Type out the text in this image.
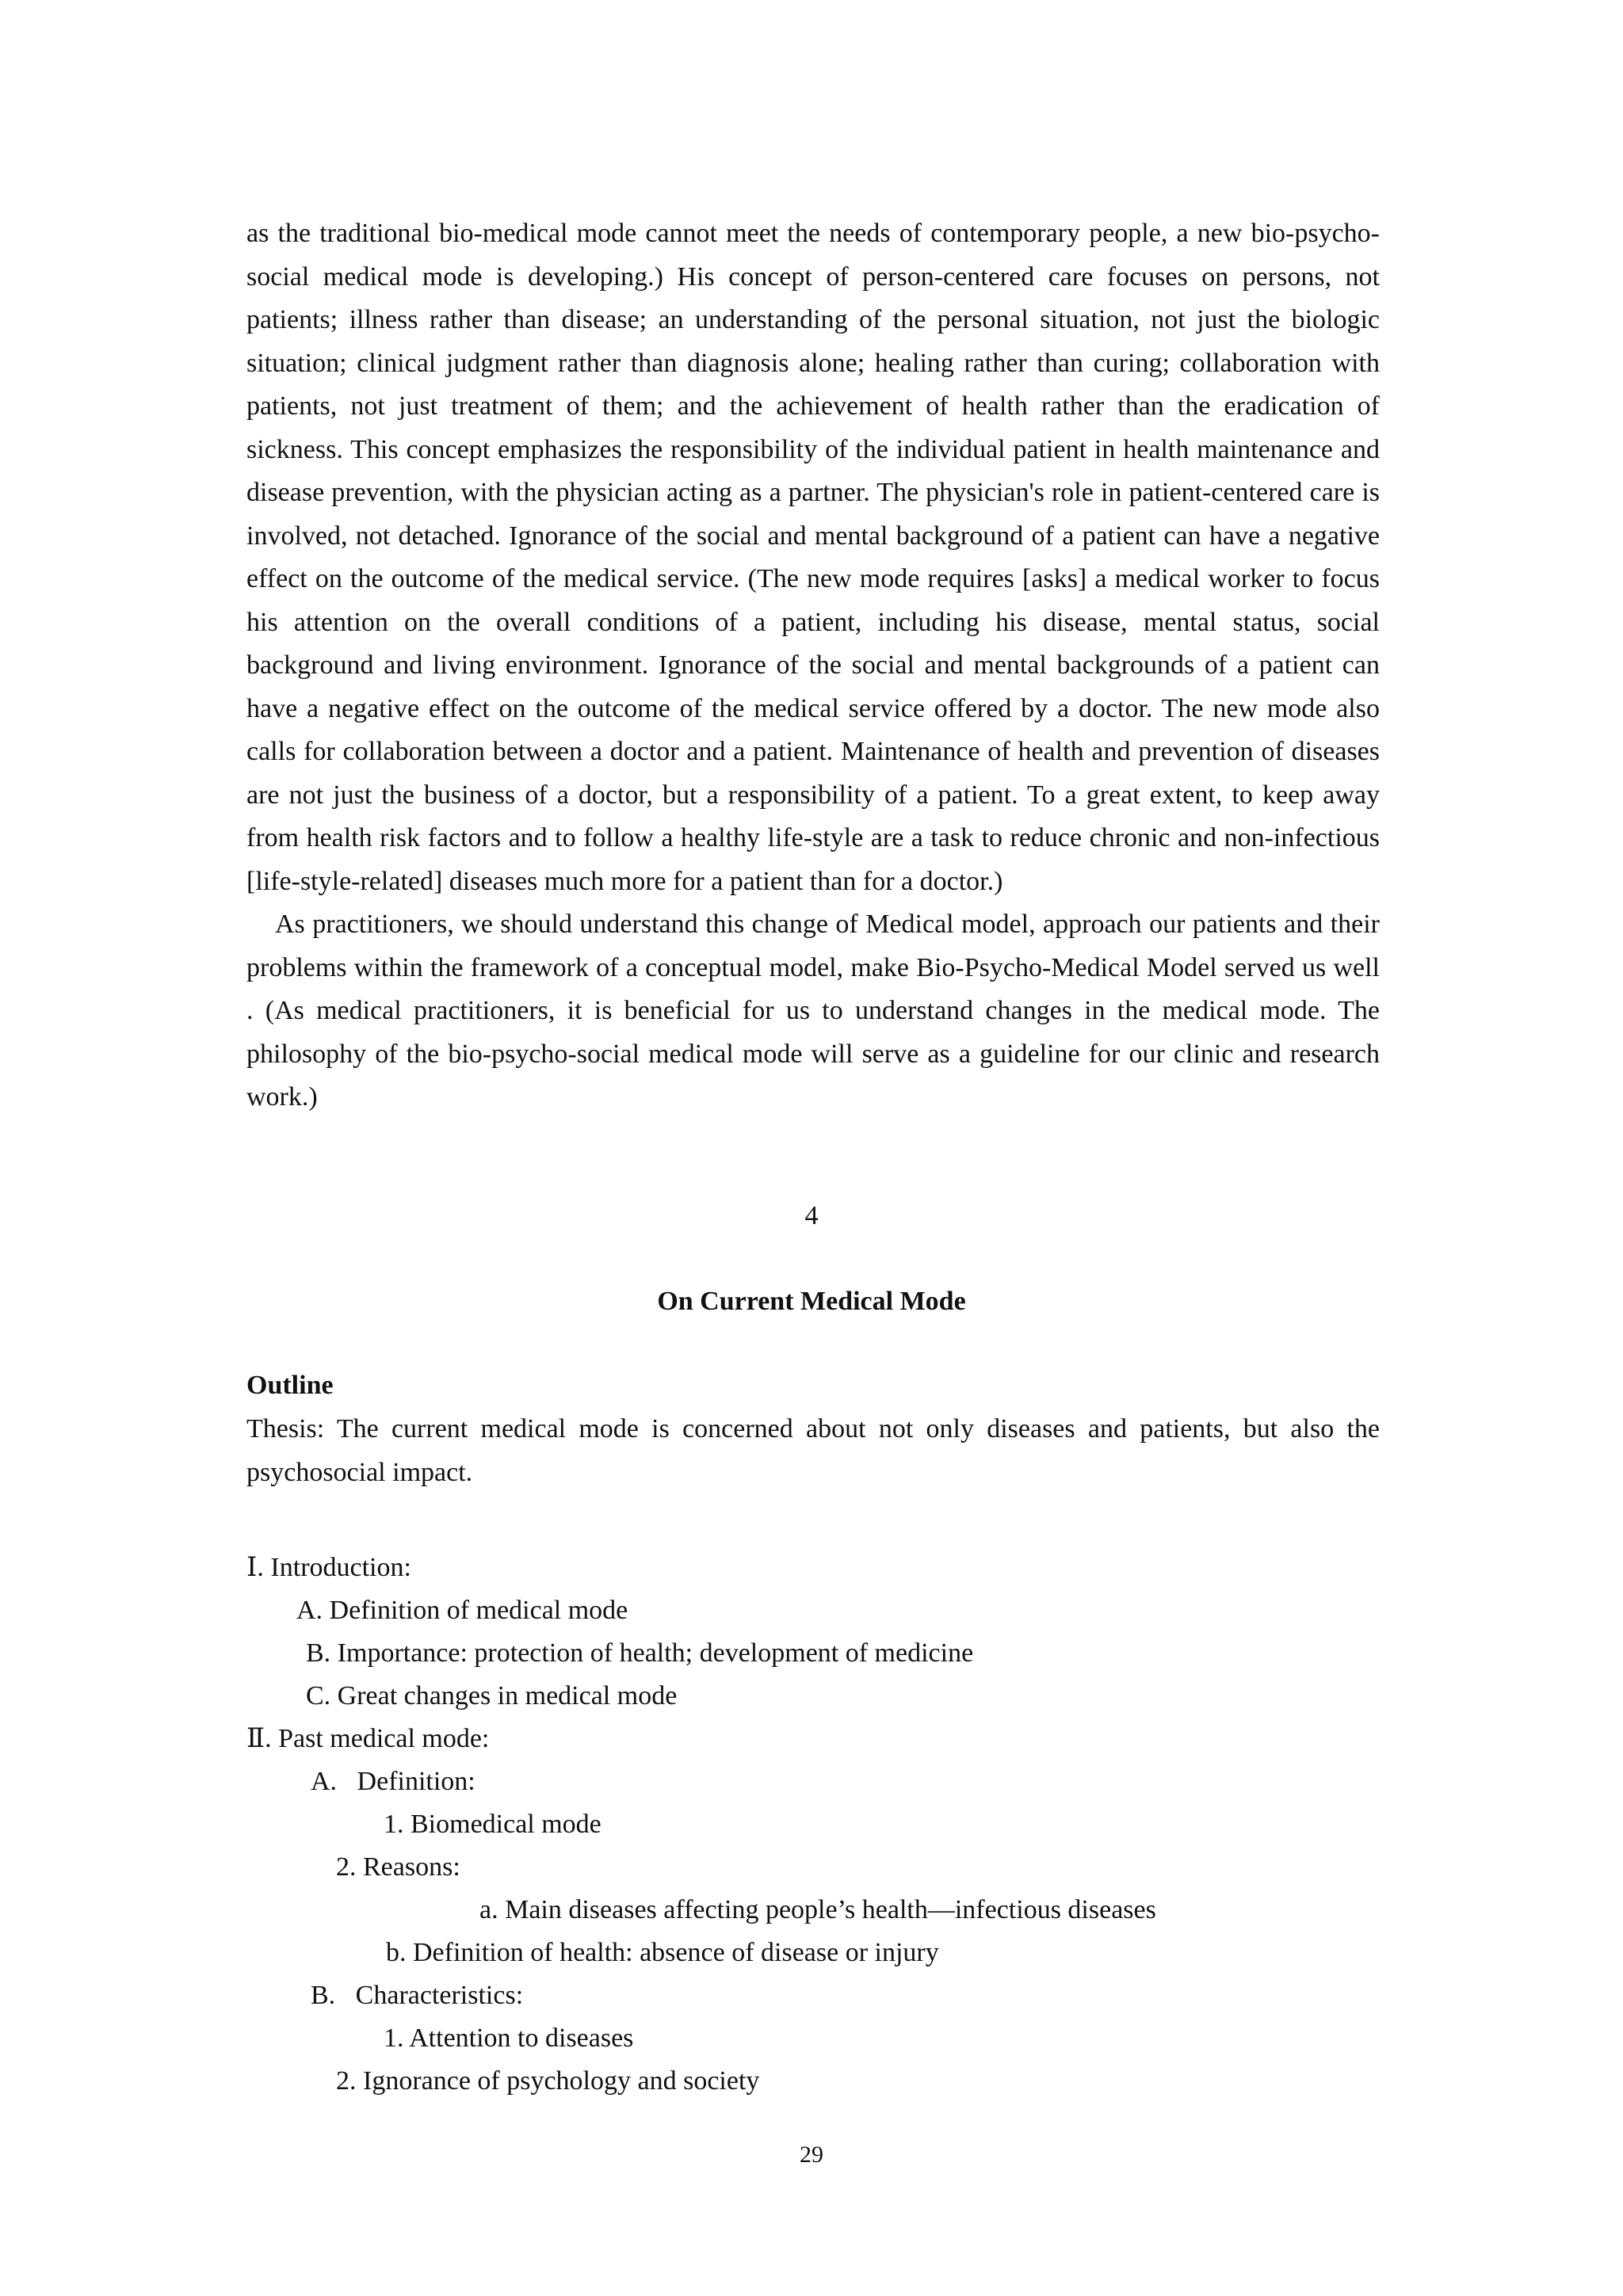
as the traditional bio-medical mode cannot meet the needs of contemporary people, a new bio-psycho-social medical mode is developing.) His concept of person-centered care focuses on persons, not patients; illness rather than disease; an understanding of the personal situation, not just the biologic situation; clinical judgment rather than diagnosis alone; healing rather than curing; collaboration with patients, not just treatment of them; and the achievement of health rather than the eradication of sickness. This concept emphasizes the responsibility of the individual patient in health maintenance and disease prevention, with the physician acting as a partner. The physician's role in patient-centered care is involved, not detached. Ignorance of the social and mental background of a patient can have a negative effect on the outcome of the medical service. (The new mode requires [asks] a medical worker to focus his attention on the overall conditions of a patient, including his disease, mental status, social background and living environment. Ignorance of the social and mental backgrounds of a patient can have a negative effect on the outcome of the medical service offered by a doctor. The new mode also calls for collaboration between a doctor and a patient. Maintenance of health and prevention of diseases are not just the business of a doctor, but a responsibility of a patient. To a great extent, to keep away from health risk factors and to follow a healthy life-style are a task to reduce chronic and non-infectious [life-style-related] diseases much more for a patient than for a doctor.)

As practitioners, we should understand this change of Medical model, approach our patients and their problems within the framework of a conceptual model, make Bio-Psycho-Medical Model served us well . (As medical practitioners, it is beneficial for us to understand changes in the medical mode. The philosophy of the bio-psycho-social medical mode will serve as a guideline for our clinic and research work.)

4
On Current Medical Mode
Outline
Thesis: The current medical mode is concerned about not only diseases and patients, but also the psychosocial impact.
Ⅰ. Introduction:
A. Definition of medical mode
B. Importance: protection of health; development of medicine
C. Great changes in medical mode
Ⅱ. Past medical mode:
A.   Definition:
1. Biomedical mode
2. Reasons:
a. Main diseases affecting people’s health—infectious diseases
b. Definition of health: absence of disease or injury
B.   Characteristics:
1. Attention to diseases
2. Ignorance of psychology and society
29
